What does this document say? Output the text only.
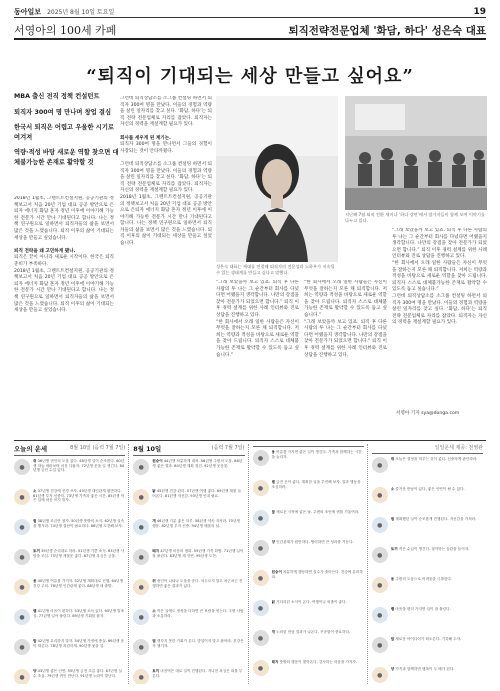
동아일보 2025년 8월 10일 토요일	19
서영아의 100세 카페	퇴직전략전문업체 '화담, 하다' 성은숙 대표
“퇴직이 기대되는 세상 만들고 싶어요”

MBA 출신 전직 정책 컨설턴트

퇴직자 300여 명 만나며 창업 결심

한국서 퇴직은 어렵고 우울한 시기로 여겨져

역량·적성 바탕 새로운 역할 찾으면 대체불가능한 존재로 활약할 것

2018년 1월초, 그렌트트컨설지원, 공공기관의 정책보고서 처음 20년 기업 대표 공공 방안으로 은퇴자 에너지 화담 혼자 정년 이후에 이야기해 가능한 전문가 시간 만나 기대된다고 합니다. 나는 정책 연구원으로 일하면서 퇴직자들의 삶을 보면서 많은 것을 느꼈습니다. 퇴직 이후의 삶이 기대되는 세상을 만들고 싶었습니다.

퇴직 전략을 왜 고민하게 됐나.
퇴직은 끝이 아니라 새로운 시작이다. 한국은 퇴직 준비가 부족하다.
2018년 1월초, 그렌트트컨설지원, 공공기관의 정책보고서 처음 20년 기업 대표 공공 방안으로 은퇴자 에너지 화담 혼자 정년 이후에 이야기해 가능한 전문가 시간 만나 기대된다고 합니다. 나는 정책 연구원으로 일하면서 퇴직자들의 삶을 보면서 많은 것을 느꼈습니다. 퇴직 이후의 삶이 기대되는 세상을 만들고 싶었습니다.
그런데 퇴직상담소를 소그룹 컨설팅 하면서 퇴직자 300여 명을 만났다. 이들의 경험과 역량을 살린 일자리를 찾고 싶다. ‘화담, 하다’는 퇴직 전략 전문업체로 자리를 잡았다. 퇴직자는 자신의 경력을 재설계할 필요가 있다.

회사를 세우게 된 계기는.
퇴직자 300여 명을 만나면서 그들의 경험이 사장되는 것이 안타까웠다.

그런데 퇴직상담소를 소그룹 컨설팅 하면서 퇴직자 300여 명을 만났다. 이들의 경험과 역량을 살린 일자리를 찾고 싶다. ‘화담, 하다’는 퇴직 전략 전문업체로 자리를 잡았다. 퇴직자는 자신의 경력을 재설계할 필요가 있다.
2018년 1월초, 그렌트트컨설지원, 공공기관의 정책보고서 처음 20년 기업 대표 공공 방안으로 은퇴자 에너지 화담 혼자 정년 이후에 이야기해 가능한 전문가 시간 만나 기대된다고 합니다. 나는 정책 연구원으로 일하면서 퇴직자들의 삶을 보면서 많은 것을 느꼈습니다. 퇴직 이후의 삶이 기대되는 세상을 만들고 싶었습니다.
성은숙 대표는 세대를 연결해 퇴직자의 전문성과 노하우가 지속될 수 있는 생태계를 만들고 싶다고 말했다.
지난해 7월 퇴직 전환 세미나 ‘하다 강연’에서 참가자들이 함께 모여 이야기를 나누고 있다.
“그래 보았을까 보고 있죠. 퇴직 후 다른 사람의 투 나는 그 순간부터 회사를 다녔다면 어땠을지 생각합니다. 나만의 강점을 찾아 전문가가 되었으면 합니다.” 퇴직 이후 경력 설계를 위한 사례 인터뷰와 진로 상담을 진행하고 있다.
“한 회사에서 오래 일한 사람들은 자신이 무엇을 잘하는지 모른 채 퇴직합니다. 저희는 역량과 적성을 바탕으로 새로운 역할을 찾아 드립니다. 퇴직자 스스로 대체불가능한 존재로 활약할 수 있도록 돕고 싶습니다.”
“한 회사에서 오래 일한 사람들은 자신이 무엇을 잘하는지 모른 채 퇴직합니다. 저희는 역량과 적성을 바탕으로 새로운 역할을 찾아 드립니다. 퇴직자 스스로 대체불가능한 존재로 활약할 수 있도록 돕고 싶습니다.”
“그래 보았을까 보고 있죠. 퇴직 후 다른 사람의 투 나는 그 순간부터 회사를 다녔다면 어땠을지 생각합니다. 나만의 강점을 찾아 전문가가 되었으면 합니다.” 퇴직 이후 경력 설계를 위한 사례 인터뷰와 진로 상담을 진행하고 있다.
“그래 보았을까 보고 있죠. 퇴직 후 다른 사람의 투 나는 그 순간부터 회사를 다녔다면 어땠을지 생각합니다. 나만의 강점을 찾아 전문가가 되었으면 합니다.” 퇴직 이후 경력 설계를 위한 사례 인터뷰와 진로 상담을 진행하고 있다.
“한 회사에서 오래 일한 사람들은 자신이 무엇을 잘하는지 모른 채 퇴직합니다. 저희는 역량과 적성을 바탕으로 새로운 역할을 찾아 드립니다. 퇴직자 스스로 대체불가능한 존재로 활약할 수 있도록 돕고 싶습니다.”
그런데 퇴직상담소를 소그룹 컨설팅 하면서 퇴직자 300여 명을 만났다. 이들의 경험과 역량을 살린 일자리를 찾고 싶다. ‘화담, 하다’는 퇴직 전략 전문업체로 자리를 잡았다. 퇴직자는 자신의 경력을 재설계할 필요가 있다.
서영아 기자 sya@donga.com
오늘의 운세	8월 10일 (음력 7월 7일)
●
쥐 36년생 귀인의 도움 있다. 48년생 일이 순조롭다. 60년생 하늘 바라보며 마음 다잡자. 72년생 웃을 일 생긴다. 84년생 금전 수입 있다.
●
소 37년생 건강에 신경 쓰자. 49년생 대인관계 원만하다. 61년생 투자 신중히. 73년생 가족과 좋은 시간. 85년생 작은 일에 마음 쓰지 말자.
●
범 38년생 조금만 참자. 50년생 뜻밖의 소식. 62년생 실속을 챙겨라. 74년생 결단이 필요하다. 86년생 도전해 보자.
●
토끼 39년생 순리대로 하라. 51년생 기쁜 소식. 63년생 사람을 조심. 75년생 재물운 좋다. 87년생 욕심은 금물.
●
용 40년생 여유를 가지자. 52년생 계획대로 진행. 64년생 건강 주의. 76년생 인간관계 좋다. 88년생 새 출발.
●
뱀 41년생 마음이 편하다. 53년생 소득 있다. 65년생 말조심. 77년생 일이 풀린다. 89년생 기회를 잡자.
●
말 42년생 무리하지 말자. 54년생 가정에 충실. 66년생 운이 따른다. 78년생 과감하게. 90년생 웃을 일.
●
양 43년생 좋은 인연. 55년생 금전 흐름 좋다. 67년생 실수 조심. 79년생 귀인 만난다. 91년생 노력이 빛난다.
8월 10일	(음력 7월 7일)
●
원숭이 44년생 차분하게 대처. 56년생 주변의 도움. 68년생 좋은 결과. 80년생 계획 점검. 92년생 웃음꽃.
●
닭 45년생 건강 관리. 57년생 여행 좋다. 69년생 재물 들어온다. 81년생 자신감. 93년생 인내 필요.
●
개 46년생 기분 좋은 하루. 58년생 약속 지켜라. 70년생 행운. 82년생 투자 신중. 94년생 배움의 날.
●
돼지 47년생 마음의 평화. 59년생 가족 화합. 71년생 일이 잘 풀린다. 83년생 새 인연. 95년생 도전.
●
쥐 귀인이 나타나 도움을 준다. 서두르지 말고 차근차근 진행하면 좋은 결과가 있다.
●
소 작은 일에도 정성을 다하면 큰 보람을 얻는다. 주변 사람과 소통하라.
●
범 생각지 못한 기회가 온다. 망설이지 말고 잡아라. 건강은 꼭 챙기자.
●
토끼 마음먹은 대로 일이 진행된다. 지나친 욕심은 화를 부른다.
●
용 여유를 가지면 좋은 일이 생긴다. 가족과 함께하는 시간을 늘리자.
●
뱀 금전 운이 좋다. 계획한 일을 추진해 보자. 말과 행동을 조심하라.
●
말 새로운 시작에 좋은 날. 주변의 조언에 귀를 기울여라.
●
양 인간관계가 원만하다. 협력하면 큰 성과를 거둔다.
●
원숭이 차분하게 행동하면 실수가 줄어든다. 건강에 유의하라.
●
닭 기다리던 소식이 온다. 여행이나 외출이 좋다.
●
개 노력한 만큼 결과가 나온다. 꾸준함이 중요하다.
●
돼지 뜻밖의 행운이 찾아온다. 감사하는 마음을 가지자.
일일운세 제공: 천영관
●
쥐 오늘은 결정을 미루는 것이 좋다. 신중하게 판단하라.
●
소 즐거운 만남이 있다. 좋은 인연이 될 수 있다.
●
범 계획했던 일이 순조롭게 진행된다. 자신감을 가져라.
●
토끼 작은 수입이 생긴다. 절약하는 습관을 들이자.
●
용 주변의 도움으로 어려움을 극복한다.
●
뱀 마음을 편히 가지면 일이 잘 풀린다.
●
말 새로운 아이디어가 떠오른다. 기록해 두자.
●
양 가족과 함께하면 행복이 두 배가 된다.
